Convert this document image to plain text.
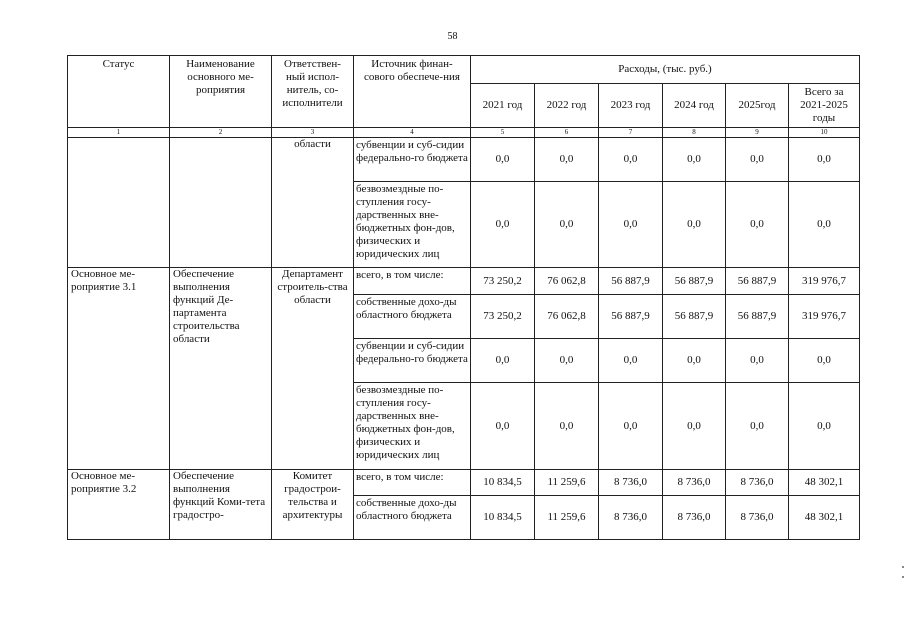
58
Статус	Наименование основного ме-роприятия	Ответствен-ный испол-нитель, со-исполнители	Источник финан-сового обеспече-ния	Расходы, (тыс. руб.)					
				2021 год	2022 год	2023 год	2024 год	2025год	Всего за 2021-2025 годы
1	2	3	4	5	6	7	8	9	10
		области	субвенции и суб-сидии федерально-го бюджета	0,0	0,0	0,0	0,0	0,0	0,0
			безвозмездные по-ступления госу-дарственных вне-бюджетных фон-дов, физических и юридических лиц	0,0	0,0	0,0	0,0	0,0	0,0
Основное ме-роприятие 3.1	Обеспечение выполнения функций Де-партамента строительства области	Департамент строитель-ства области	всего, в том числе:	73 250,2	76 062,8	56 887,9	56 887,9	56 887,9	319 976,7
			собственные дохо-ды областного бюджета	73 250,2	76 062,8	56 887,9	56 887,9	56 887,9	319 976,7
			субвенции и суб-сидии федерально-го бюджета	0,0	0,0	0,0	0,0	0,0	0,0
			безвозмездные по-ступления госу-дарственных вне-бюджетных фон-дов, физических и юридических лиц	0,0	0,0	0,0	0,0	0,0	0,0
Основное ме-роприятие 3.2	Обеспечение выполнения функций Коми-тета градостро-	Комитет градострои-тельства и архитектуры	всего, в том числе:	10 834,5	11 259,6	8 736,0	8 736,0	8 736,0	48 302,1
			собственные дохо-ды областного бюджета	10 834,5	11 259,6	8 736,0	8 736,0	8 736,0	48 302,1
